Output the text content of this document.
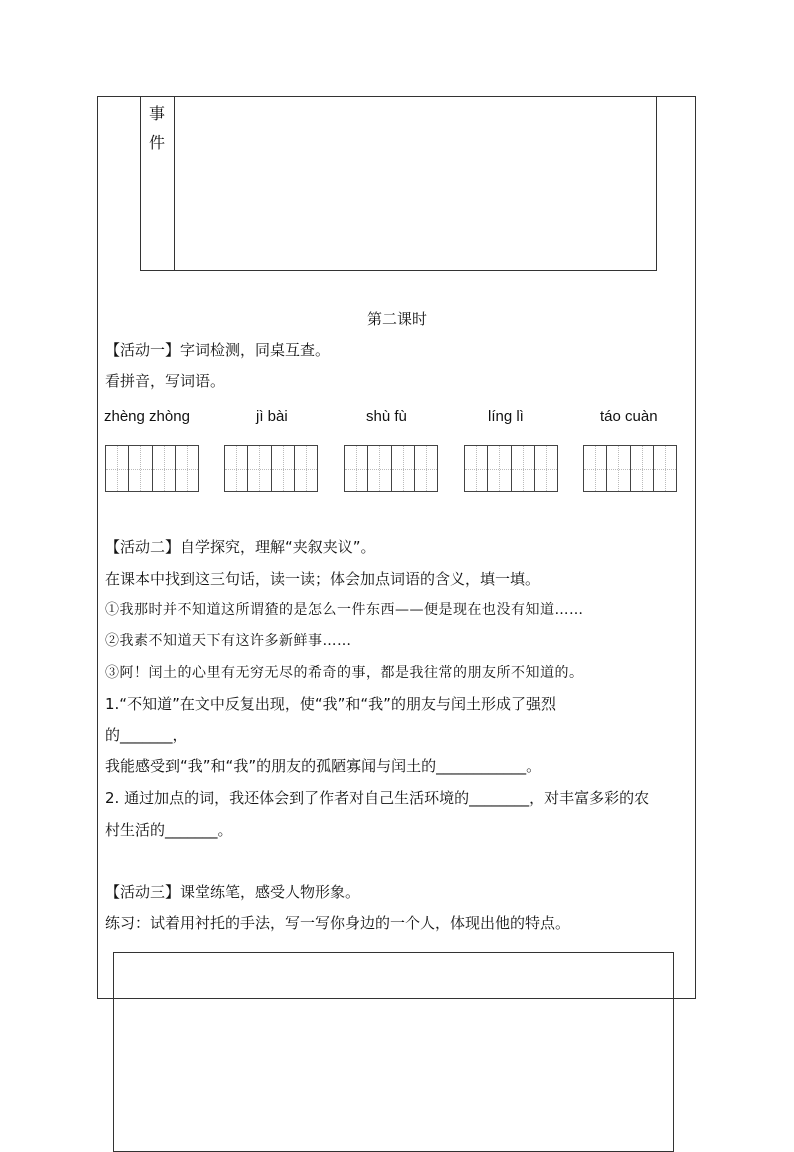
事
件
第二课时
【活动一】字词检测，同桌互查。
看拼音，写词语。
zhèng zhòng	jì bài	shù fù	líng lì	táo cuàn
【活动二】自学探究，理解“夹叙夹议”。
在课本中找到这三句话，读一读；体会加点词语的含义，填一填。
①我那时并不知道这所谓猹的是怎么一件东西——便是现在也没有知道……
②我素不知道天下有这许多新鲜事……
③阿！闰土的心里有无穷无尽的希奇的事，都是我往常的朋友所不知道的。
1.“不知道”在文中反复出现，使“我”和“我”的朋友与闰土形成了强烈
的_______，
我能感受到“我”和“我”的朋友的孤陋寡闻与闰土的____________。
2. 通过加点的词，我还体会到了作者对自己生活环境的________，对丰富多彩的农
村生活的_______。
【活动三】课堂练笔，感受人物形象。
练习：试着用衬托的手法，写一写你身边的一个人，体现出他的特点。
